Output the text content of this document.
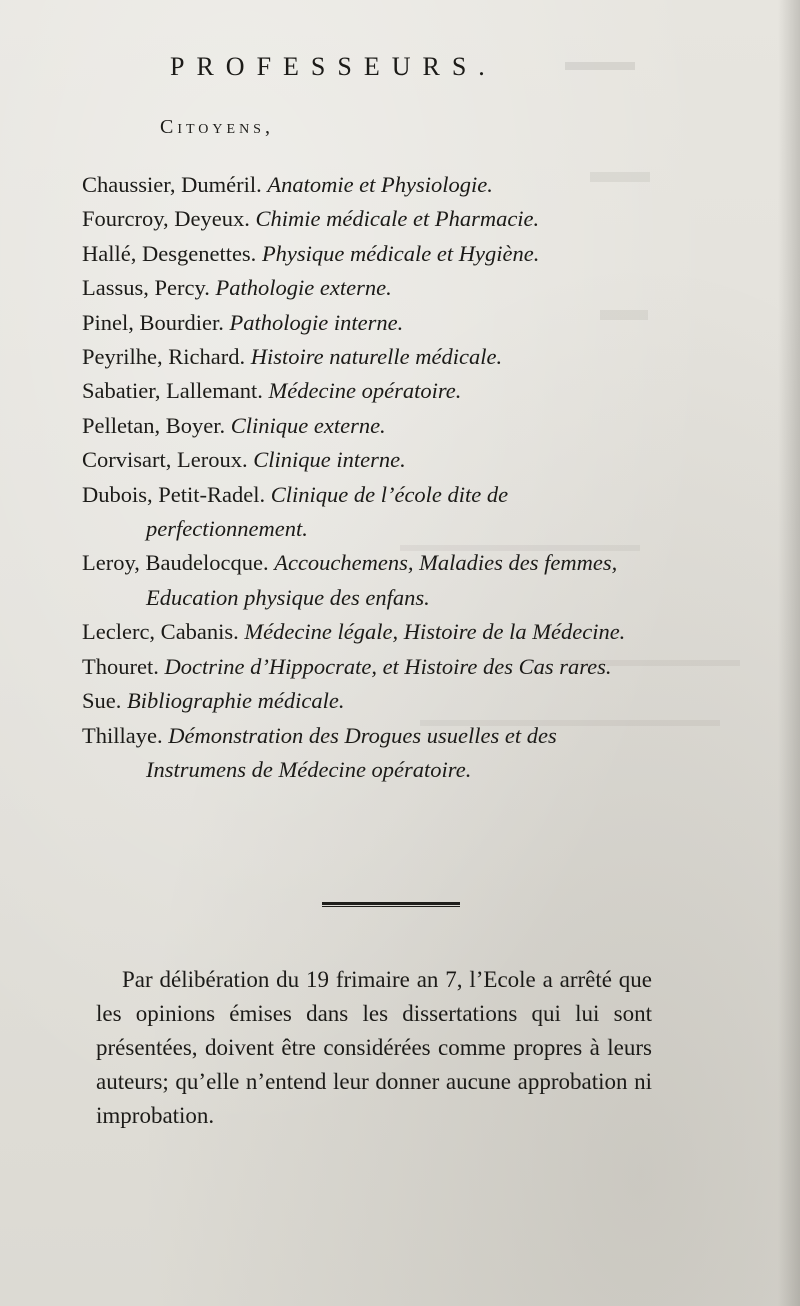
PROFESSEURS.
Citoyens,

Chaussier, Duméril. Anatomie et Physiologie.

Fourcroy, Deyeux. Chimie médicale et Pharmacie.

Hallé, Desgenettes. Physique médicale et Hygiène.

Lassus, Percy. Pathologie externe.

Pinel, Bourdier. Pathologie interne.

Peyrilhe, Richard. Histoire naturelle médicale.

Sabatier, Lallemant. Médecine opératoire.

Pelletan, Boyer. Clinique externe.

Corvisart, Leroux. Clinique interne.

Dubois, Petit-Radel. Clinique de l’école dite de perfectionnement.

Leroy, Baudelocque. Accouchemens, Maladies des femmes, Education physique des enfans.

Leclerc, Cabanis. Médecine légale, Histoire de la Médecine.

Thouret. Doctrine d’Hippocrate, et Histoire des Cas rares.

Sue. Bibliographie médicale.

Thillaye. Démonstration des Drogues usuelles et des Instrumens de Médecine opératoire.

Par délibération du 19 frimaire an 7, l’Ecole a arrêté que les opinions émises dans les dissertations qui lui sont présentées, doivent être considérées comme propres à leurs auteurs; qu’elle n’entend leur donner aucune approbation ni improbation.
